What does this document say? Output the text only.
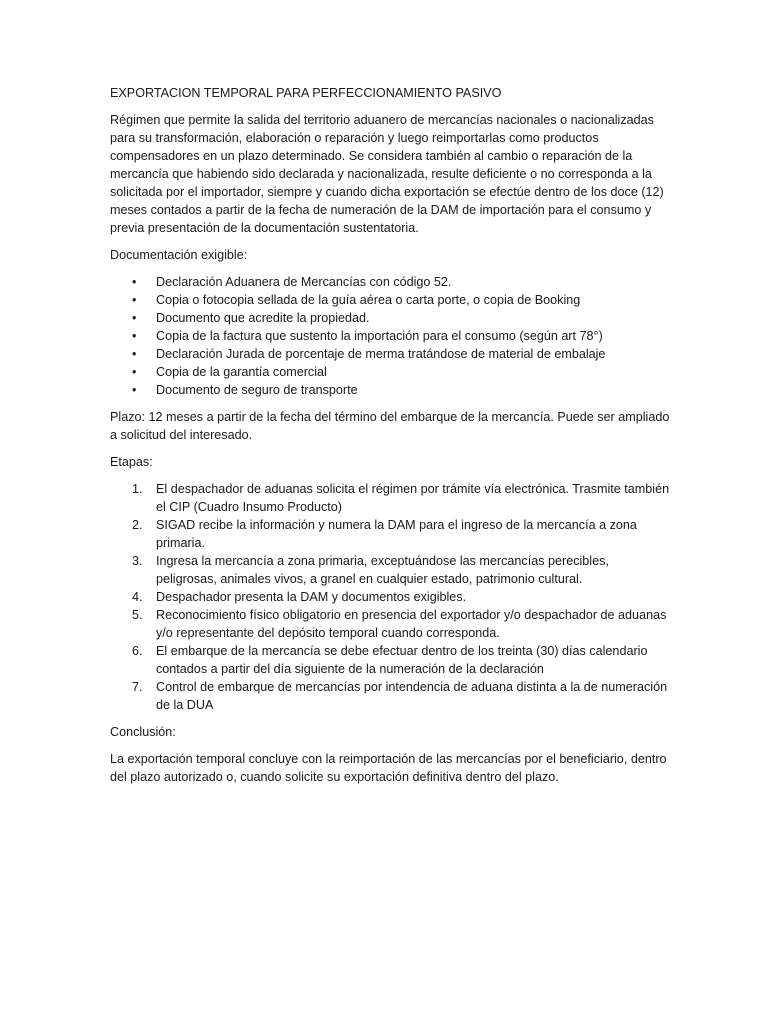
EXPORTACION TEMPORAL PARA PERFECCIONAMIENTO PASIVO

Régimen que permite la salida del territorio aduanero de mercancías nacionales o nacionalizadas para su transformación, elaboración o reparación y luego reimportarlas como productos compensadores en un plazo determinado. Se considera también al cambio o reparación de la mercancía que habiendo sido declarada y nacionalizada, resulte deficiente o no corresponda a la solicitada por el importador, siempre y cuando dicha exportación se efectúe dentro de los doce (12) meses contados a partir de la fecha de numeración de la DAM de importación para el consumo y previa presentación de la documentación sustentatoria.

Documentación exigible:
• Declaración Aduanera de Mercancías con código 52.
• Copia o fotocopia sellada de la guía aérea o carta porte, o copia de Booking
• Documento que acredite la propiedad.
• Copia de la factura que sustento la importación para el consumo (según art 78°)
• Declaración Jurada de porcentaje de merma tratándose de material de embalaje
• Copia de la garantía comercial
• Documento de seguro de transporte

Plazo: 12 meses a partir de la fecha del término del embarque de la mercancía. Puede ser ampliado a solicitud del interesado.

Etapas:
1. El despachador de aduanas solicita el régimen por trámite vía electrónica. Trasmite también el CIP (Cuadro Insumo Producto)
2. SIGAD recibe la información y numera la DAM para el ingreso de la mercancía a zona primaria.
3. Ingresa la mercancía a zona primaria, exceptuándose las mercancías perecibles, peligrosas, animales vivos, a granel en cualquier estado, patrimonio cultural.
4. Despachador presenta la DAM y documentos exigibles.
5. Reconocimiento físico obligatorio en presencia del exportador y/o despachador de aduanas y/o representante del depósito temporal cuando corresponda.
6. El embarque de la mercancía se debe efectuar dentro de los treinta (30) días calendario contados a partir del día siguiente de la numeración de la declaración
7. Control de embarque de mercancías por intendencia de aduana distinta a la de numeración de la DUA
Conclusión:

La exportación temporal concluye con la reimportación de las mercancías por el beneficiario, dentro del plazo autorizado o, cuando solicite su exportación definitiva dentro del plazo.
